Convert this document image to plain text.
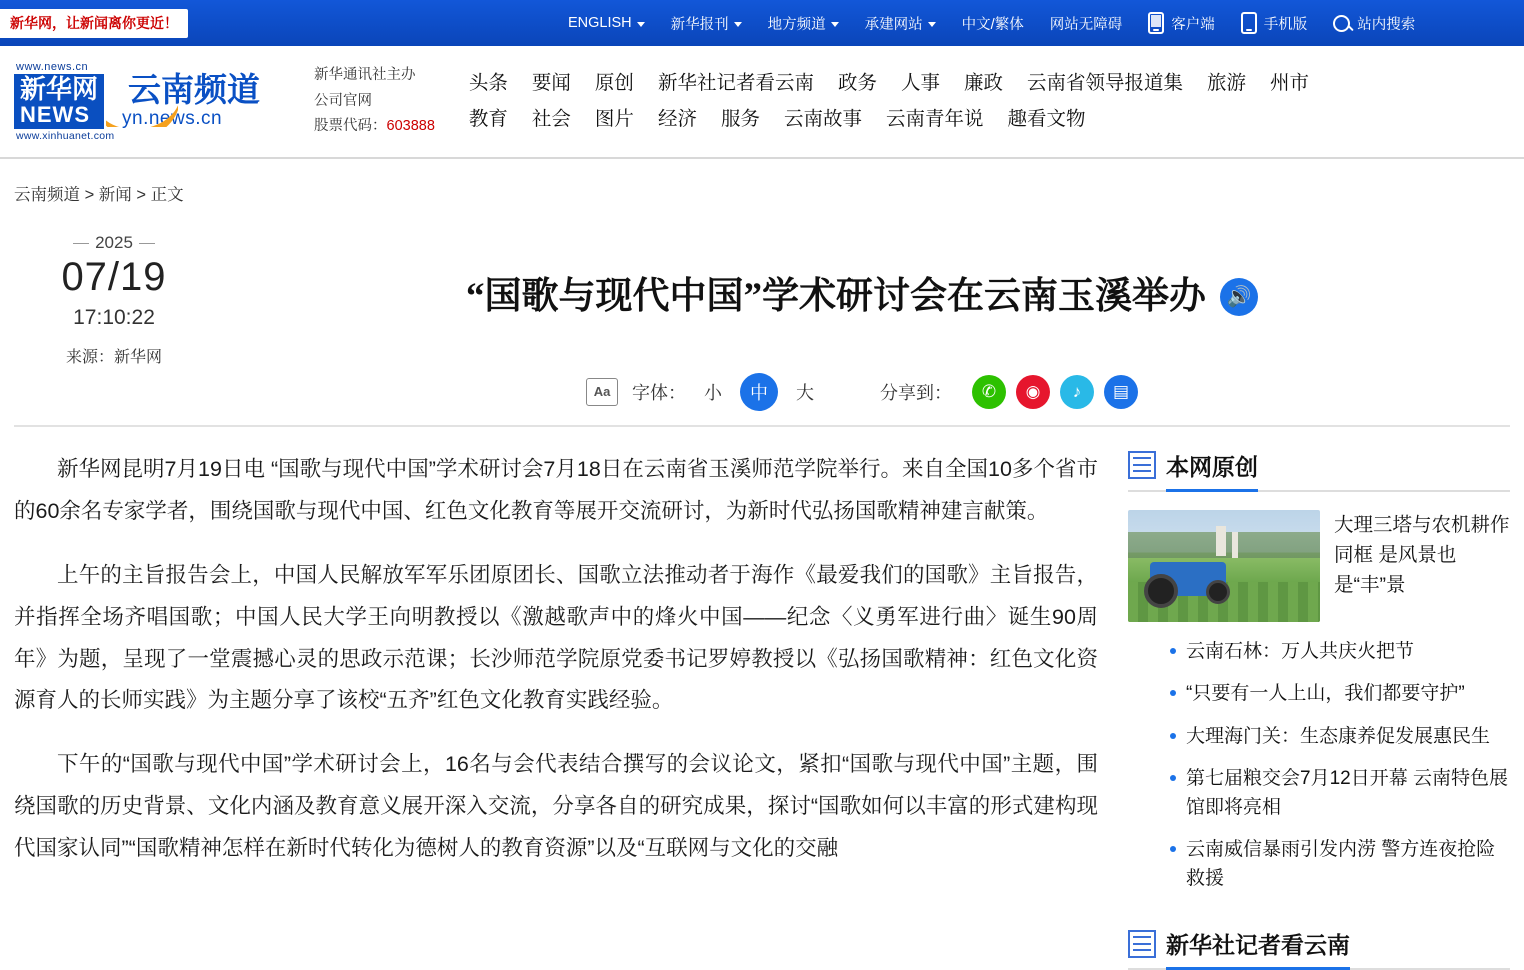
新华网，让新闻离你更近！	ENGLISH	新华报刊	地方频道	承建网站	中文/繁体 网站无障碍	客户端	手机版	站内搜索
www.news.cn
新华网
NEWS
云南频道
yn.news.cn
www.xinhuanet.com
新华通讯社主办
公司官网
股票代码：603888
头条 要闻 原创 新华社记者看云南 政务 人事 廉政 云南省领导报道集 旅游 州市
教育 社会 图片 经济 服务 云南故事 云南青年说 趣看文物
云南频道 > 新闻 > 正文
2025
07/19
17:10:22
来源：新华网
“国歌与现代中国”学术研讨会在云南玉溪举办	🔊
Aa	字体： 小	中	大	分享到：	✆	◉	♪	▤

新华网昆明7月19日电 “国歌与现代中国”学术研讨会7月18日在云南省玉溪师范学院举行。来自全国10多个省市的60余名专家学者，围绕国歌与现代中国、红色文化教育等展开交流研讨，为新时代弘扬国歌精神建言献策。

上午的主旨报告会上，中国人民解放军军乐团原团长、国歌立法推动者于海作《最爱我们的国歌》主旨报告，并指挥全场齐唱国歌；中国人民大学王向明教授以《激越歌声中的烽火中国——纪念〈义勇军进行曲〉诞生90周年》为题，呈现了一堂震撼心灵的思政示范课；长沙师范学院原党委书记罗婷教授以《弘扬国歌精神：红色文化资源育人的长师实践》为主题分享了该校“五齐”红色文化教育实践经验。

下午的“国歌与现代中国”学术研讨会上，16名与会代表结合撰写的会议论文，紧扣“国歌与现代中国”主题，围绕国歌的历史背景、文化内涵及教育意义展开深入交流，分享各自的研究成果，探讨“国歌如何以丰富的形式建构现代国家认同”“国歌精神怎样在新时代转化为德树人的教育资源”以及“互联网与文化的交融

本网原创
大理三塔与农机耕作同框 是风景也是“丰”景
云南石林：万人共庆火把节
“只要有一人上山，我们都要守护”
大理海门关：生态康养促发展惠民生
第七届粮交会7月12日开幕 云南特色展馆即将亮相
云南威信暴雨引发内涝 警方连夜抢险救援
新华社记者看云南
